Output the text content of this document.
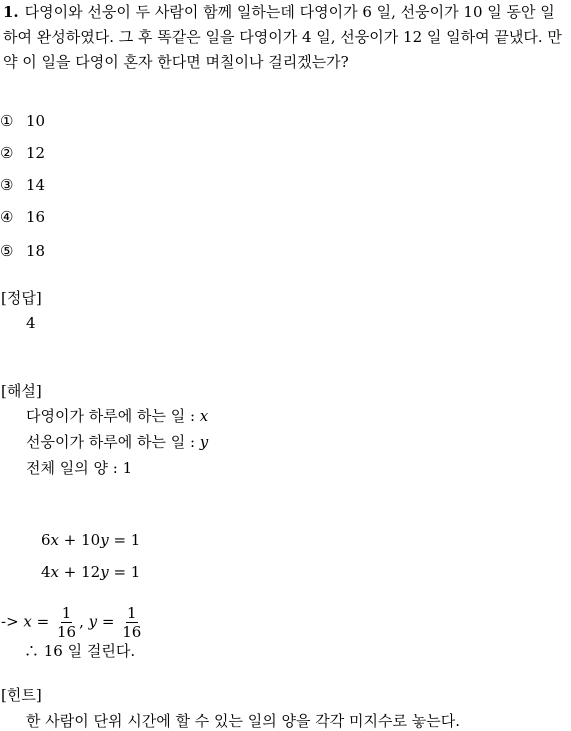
1. 다영이와 선웅이 두 사람이 함께 일하는데 다영이가 6 일, 선웅이가 10 일 동안 일하여 완성하였다. 그 후 똑같은 일을 다영이가 4 일, 선웅이가 12 일 일하여 끝냈다. 만약 이 일을 다영이 혼자 한다면 며칠이나 걸리겠는가?
① 10
② 12
③ 14
④ 16
⑤ 18
[정답]
4
[해설]
다영이가 하루에 하는 일 : x
선웅이가 하루에 하는 일 : y
전체 일의 양 : 1
6x + 10y = 1
4x + 12y = 1
-> $x = \frac{1}{16}$ , $y = \frac{1}{16}$
∴ 16 일 걸린다.
[힌트]
한 사람이 단위 시간에 할 수 있는 일의 양을 각각 미지수로 놓는다.
